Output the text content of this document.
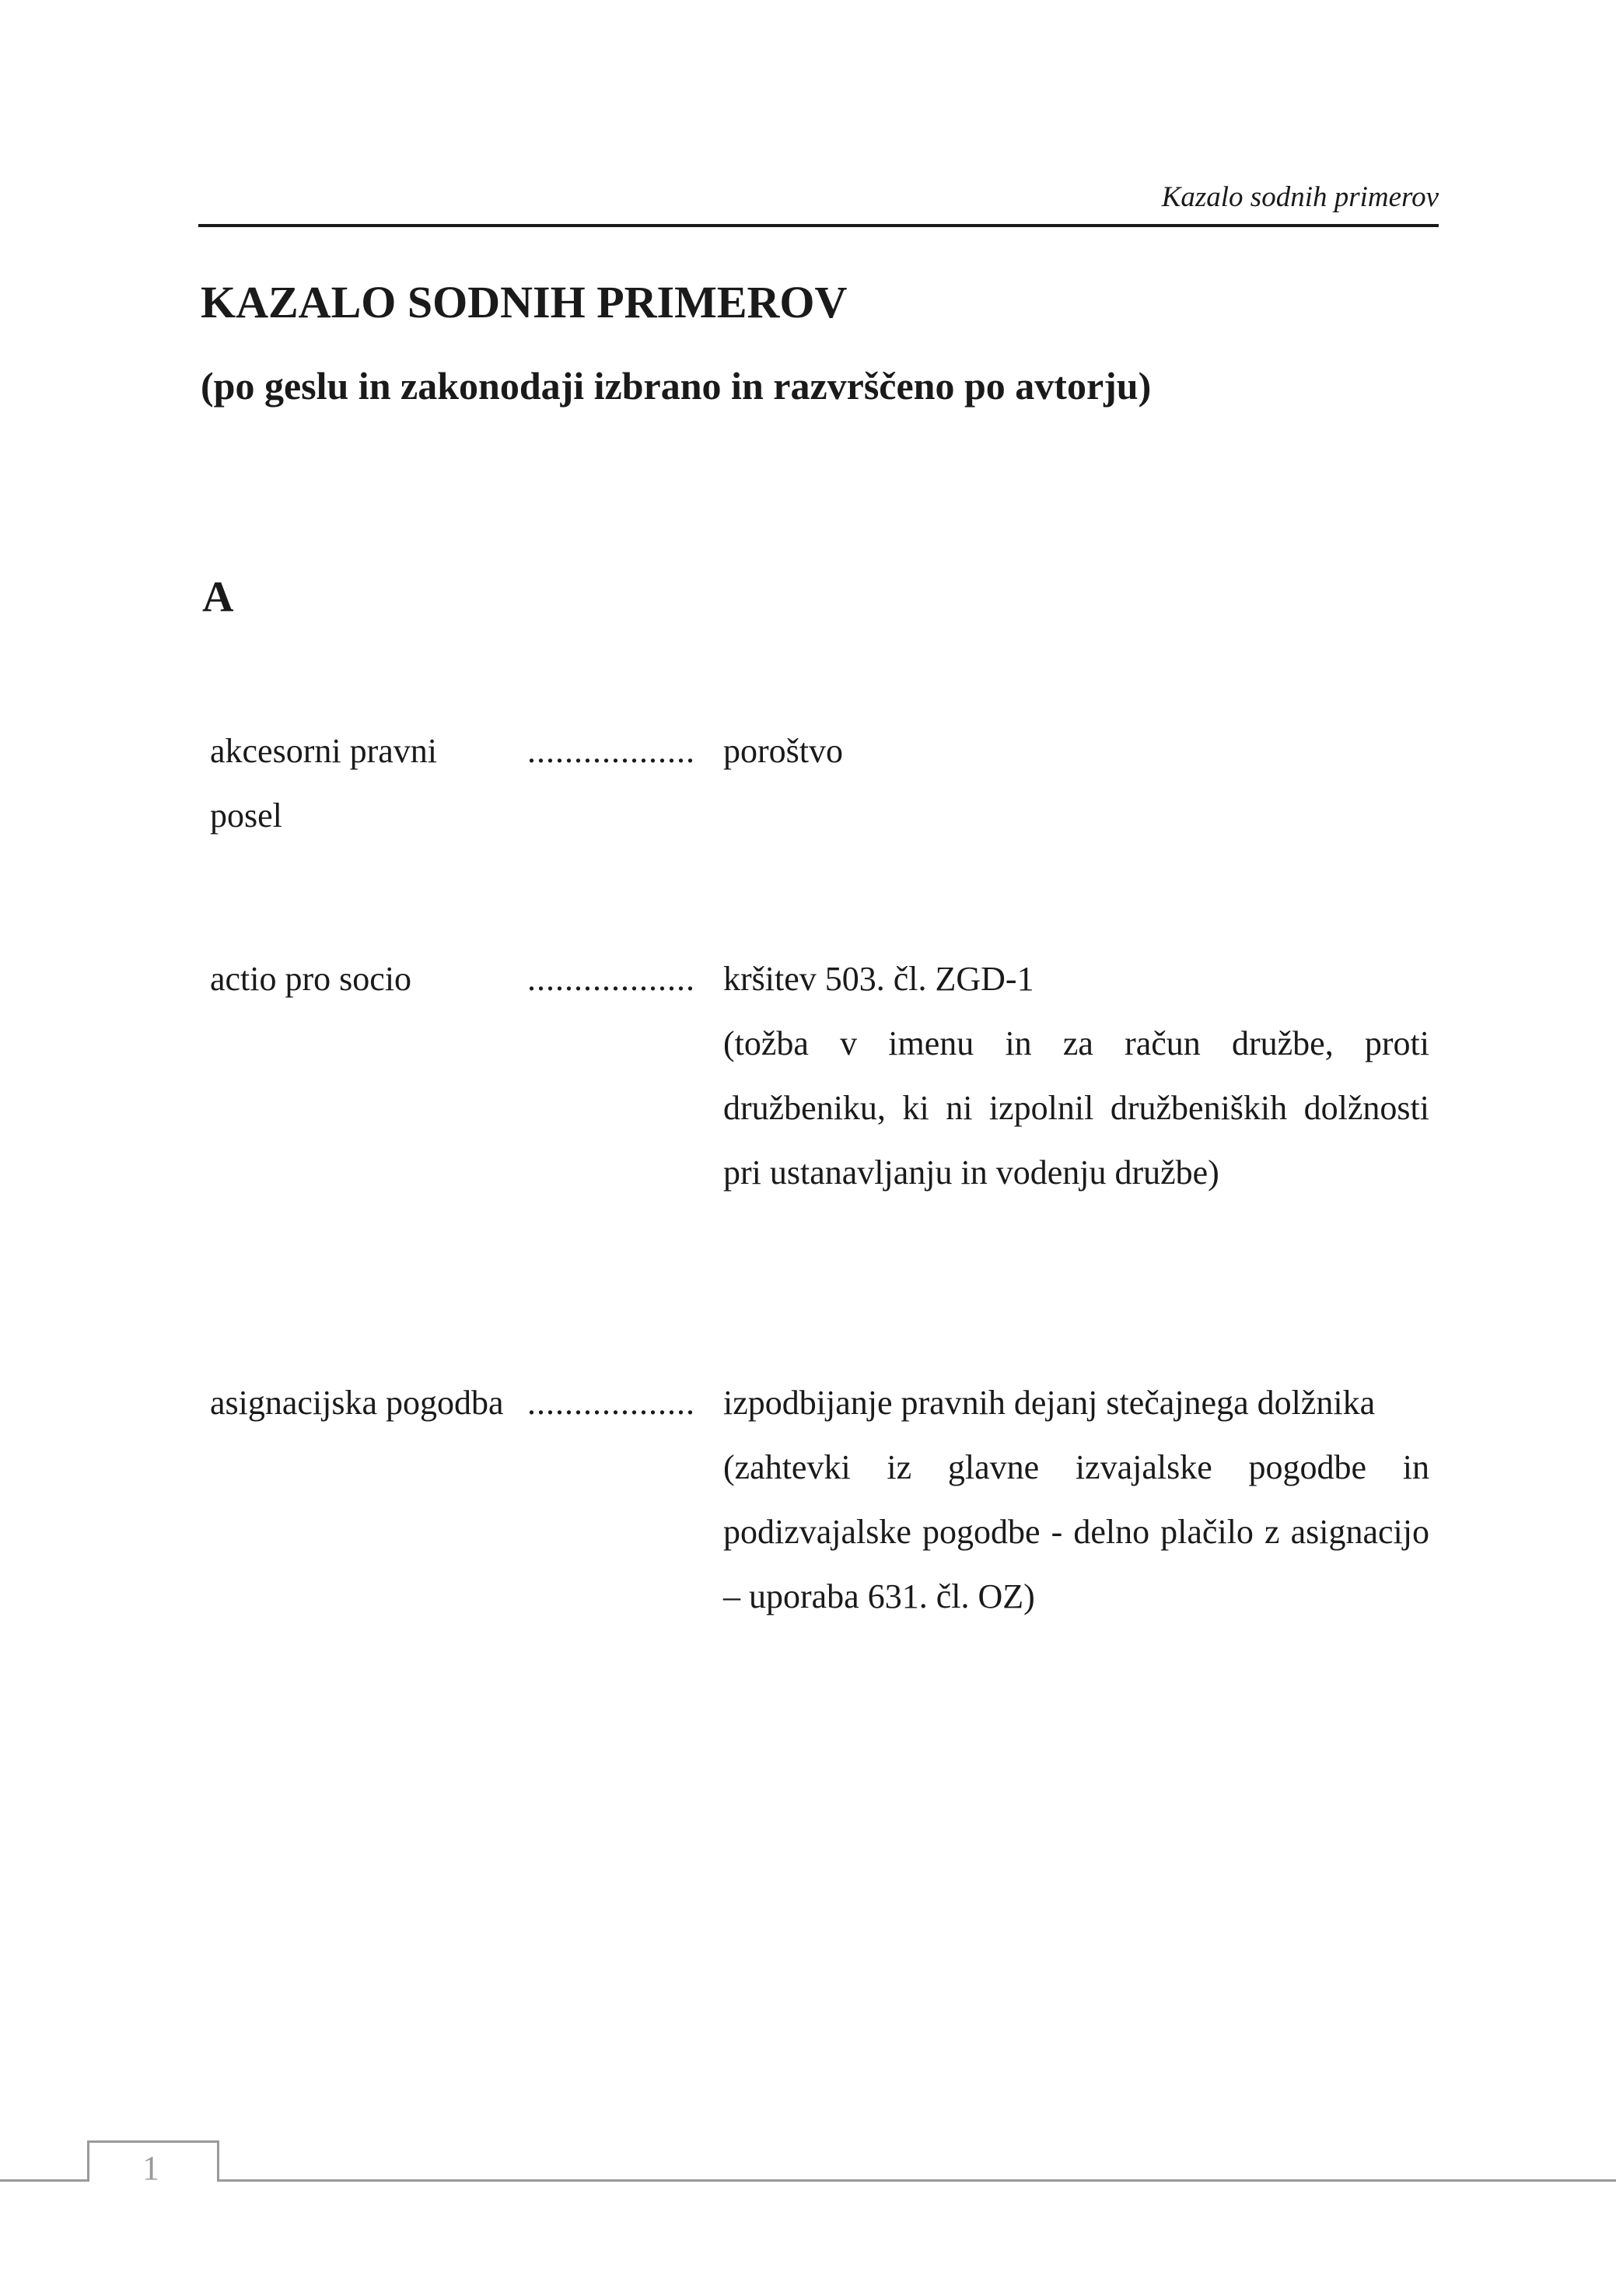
Kazalo sodnih primerov
KAZALO SODNIH PRIMEROV
(po geslu in zakonodaji izbrano in razvrščeno po avtorju)
A
akcesorni pravni posel
.................. poroštvo

actio pro socio	.................. kršitev 503. čl. ZGD-1

(tožba v imenu in za račun družbe, proti družbeniku, ki ni izpolnil družbeniških dolžnosti pri ustanavljanju in vodenju družbe)

asignacijska pogodba .................. izpodbijanje pravnih dejanj stečajnega dolžnika

(zahtevki iz glavne izvajalske pogodbe in podizvajalske pogodbe - delno plačilo z asignacijo – uporaba 631. čl. OZ)

1
